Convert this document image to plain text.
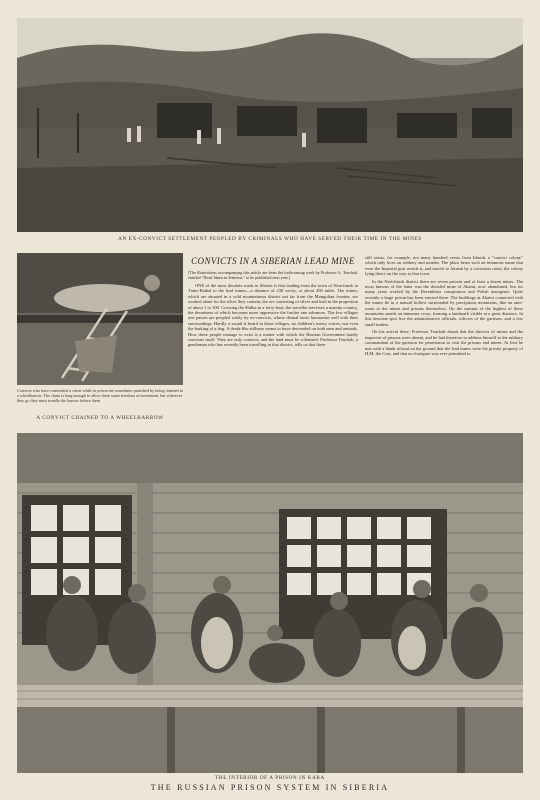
AN EX-CONVICT SETTLEMENT PEOPLED BY CRIMINALS WHO HAVE SERVED THEIR TIME IN THE MINES
Convicts who have committed a crime while in prison are sometimes punished by being chained to a wheelbarrow. The chain is long enough to allow them some freedom of movement, but wherever they go they must trundle the barrow before them
A CONVICT CHAINED TO A WHEELBARROW
CONVICTS IN A SIBERIAN LEAD MINE

[The illustrations accompanying this article are from the forthcoming work by Professor A. Teuchak, entitled "Dead Jaben in Siberien," to be published next year.]

ONE of the most desolate roads in Siberia is that leading from the town of Nertchinsk in Trans-Baikal to the lead mines—a distance of 238 versts, or about 200 miles. The mines, which are situated in a wild mountainous district not far from the Mongolian frontier, are worked alone for the silver they contain, the ore consisting of silver and lead in the proportion of about 1 to 100. Crossing the Shilka in a ferry-boat, the traveller traverses a marshy country, the dreariness of which becomes more oppressive the further one advances. The few villages one passes are peopled solely by ex-convicts, whose dismal faces harmonise well with their surroundings. Hardly a sound is heard in these villages, no children's merry voices, not even the barking of a dog. A death-like stillness seems to have descended on both men and animals. How these people manage to exist is a matter with which the Russian Government hardly concerns itself. They are only convicts, and the land must be colonised. Professor Tenchak, a gentleman who has recently been travelling in that district, tells us that there

still exists, for example, not many hundred versts from Irkutsk a "convict colony" which only lives on robbery and murder. The place bears such an infamous name that even the Imperial post avoids it, and travels to Irkutsk by a circuitous route, the colony lying direct on the way to that town.

In the Nertchinsk district there are seven prisons and at least a dozen mines. The most famous of the latter was the dreaded mine of Akatui, now abandoned, but for many years worked by the Decembrist conspirators and Polish insurgents. Quite recently a large prison has been erected there. The buildings at Akatui connected with the mines lie in a natural hollow surrounded by precipitous mountains, like an ante-room to the mines and prisons themselves. On the summit of the highest of these mountains stands an immense cross, forming a landmark visible at a great distance. In this desolate spot live the administrative officials, officers of the garrison, and a few small traders.

On his arrival there, Professor Tenchak found that the director of mines and the inspector of prisons were absent, and he had therefore to address himself to the military commandant of the garrison for permission to visit the prisons and mines. At first he met with a blank refusal on the ground that the lead mines were the private property of H.M. the Czar, and that no foreigner was ever permitted to

THE INTERIOR OF A PRISON IN KARA
THE RUSSIAN PRISON SYSTEM IN SIBERIA
